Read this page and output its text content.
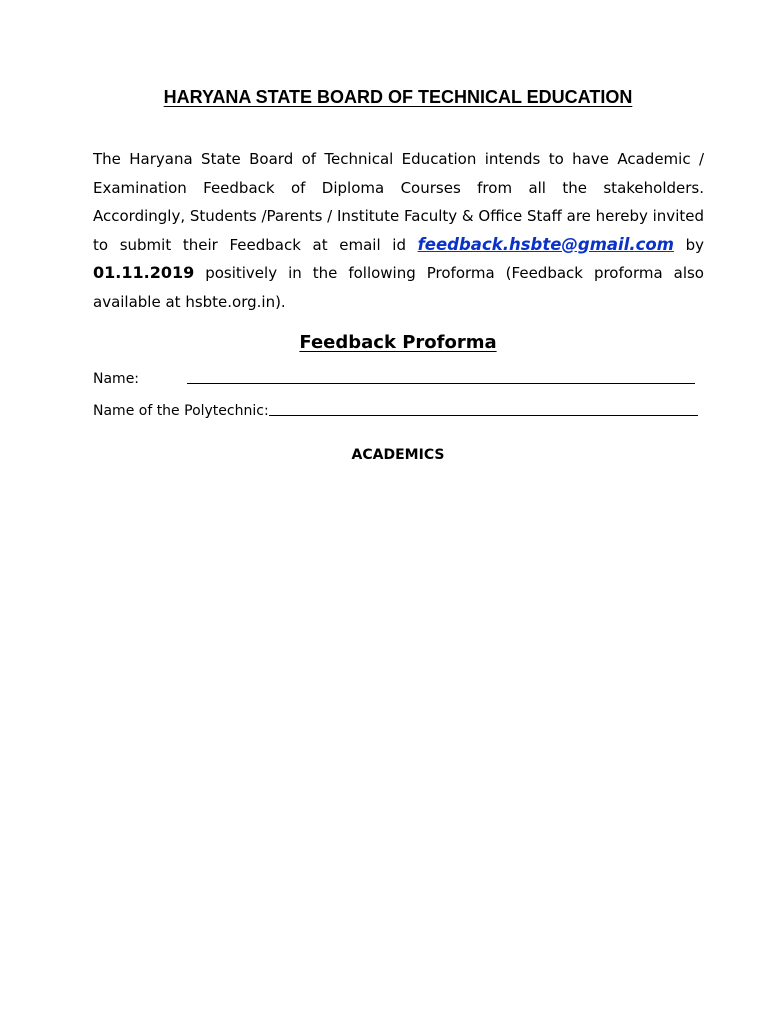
HARYANA STATE BOARD OF TECHNICAL EDUCATION

The Haryana State Board of Technical Education intends to have Academic / Examination Feedback of Diploma Courses from all the stakeholders. Accordingly, Students /Parents / Institute Faculty & Office Staff are hereby invited to submit their Feedback at email id feedback.hsbte@gmail.com by 01.11.2019 positively in the following Proforma (Feedback proforma also available at hsbte.org.in).

Feedback Proforma
Name:
Name of the Polytechnic:
ACADEMICS
